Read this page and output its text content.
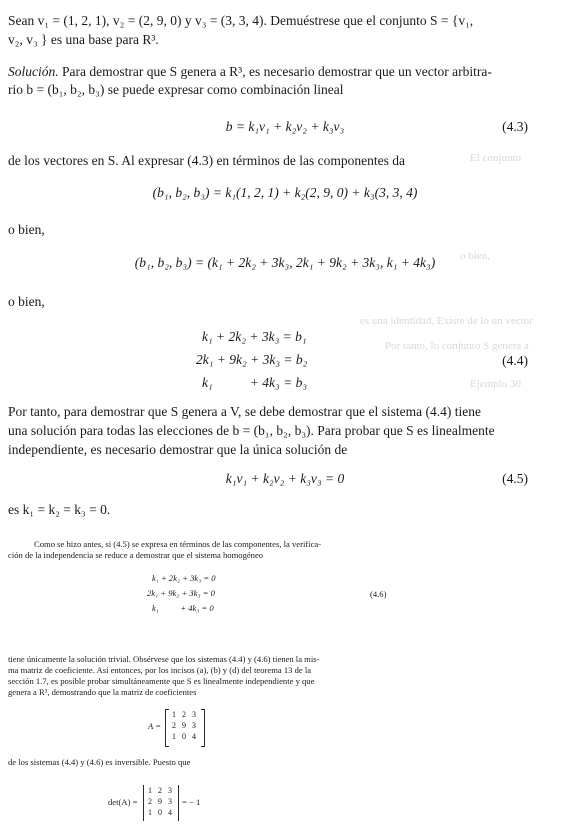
El conjunto
o bien,
Por tanto, lo conjunto S genera a
Ejemplo 30
es una identidad, Existe de lo un vector
Sean v₁ = (1, 2, 1), v₂ = (2, 9, 0) y v₃ = (3, 3, 4). Demuéstrese que el conjunto S = {v₁,
v₂, v₃ } es una base para R³.
Solución. Para demostrar que S genera a R³, es necesario demostrar que un vector arbitra-
rio b = (b₁, b₂, b₃) se puede expresar como combinación lineal
b = k₁v₁ + k₂v₂ + k₃v₃	(4.3)
de los vectores en S. Al expresar (4.3) en términos de las componentes da
(b₁, b₂, b₃) = k₁(1, 2, 1) + k₂(2, 9, 0) + k₃(3, 3, 4)
o bien,
(b₁, b₂, b₃) = (k₁ + 2k₂ + 3k₃, 2k₁ + 9k₂ + 3k₃, k₁ + 4k₃)
o bien,
k₁ + 2k₂ + 3k₃ = b₁
2k₁ + 9k₂ + 3k₃ = b₂
k₁           + 4k₃ = b₃
(4.4)
Por tanto, para demostrar que S genera a V, se debe demostrar que el sistema (4.4) tiene
una solución para todas las elecciones de b = (b₁, b₂, b₃). Para probar que S es linealmente
independiente, es necesario demostrar que la única solución de
k₁v₁ + k₂v₂ + k₃v₃ = 0	(4.5)
es k₁ = k₂ = k₃ = 0.
Como se hizo antes, si (4.5) se expresa en términos de las componentes, la verifica-
ción de la independencia se reduce a demostrar que el sistema homogéneo
k₁ + 2k₂ + 3k₃ = 0
2k₁ + 9k₂ + 3k₃ = 0
k₁          + 4k₃ = 0
(4.6)
tiene únicamente la solución trivial. Obsérvese que los sistemas (4.4) y (4.6) tienen la mis-
ma matriz de coeficiente. Así entonces, por los incisos (a), (b) y (d) del teorema 13 de la
sección 1.7, es posible probar simultáneamente que S es linealmente independiente y que
genera a R³, demostrando que la matriz de coeficientes
A =
1 2 3
2 9 3
1 0 4
de los sistemas (4.4) y (4.6) es inversible. Puesto que
det(A) =
1 2 3
2 9 3
1 0 4
= − 1
